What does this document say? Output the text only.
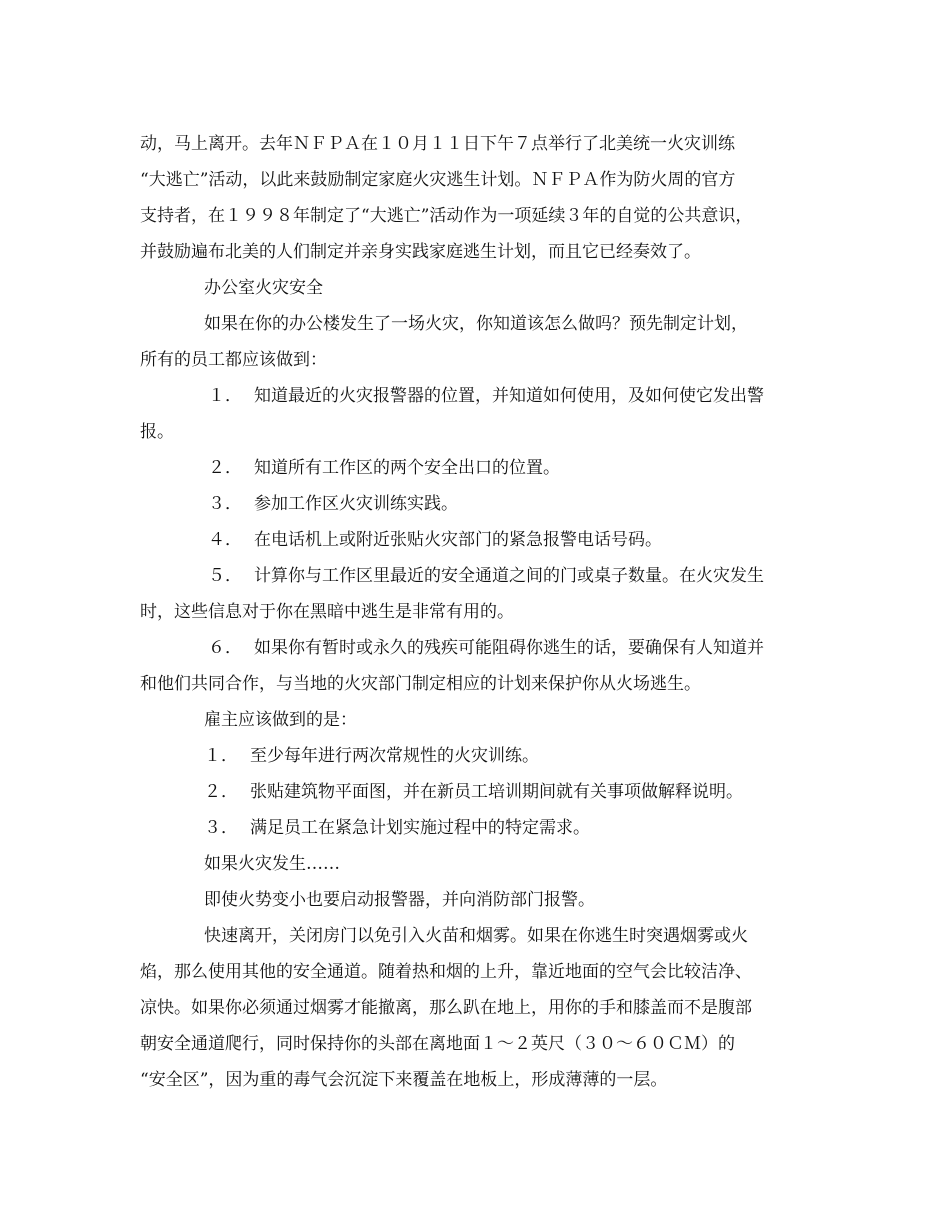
动，马上离开。去年ＮＦＰＡ在１０月１１日下午７点举行了北美统一火灾训练
“大逃亡”活动，以此来鼓励制定家庭火灾逃生计划。ＮＦＰＡ作为防火周的官方
支持者，在１９９８年制定了“大逃亡”活动作为一项延续３年的自觉的公共意识，
并鼓励遍布北美的人们制定并亲身实践家庭逃生计划，而且它已经奏效了。
办公室火灾安全
如果在你的办公楼发生了一场火灾，你知道该怎么做吗？预先制定计划，
所有的员工都应该做到：
１． 知道最近的火灾报警器的位置，并知道如何使用，及如何使它发出警
报。
２． 知道所有工作区的两个安全出口的位置。
３． 参加工作区火灾训练实践。
４． 在电话机上或附近张贴火灾部门的紧急报警电话号码。
５． 计算你与工作区里最近的安全通道之间的门或桌子数量。在火灾发生
时，这些信息对于你在黑暗中逃生是非常有用的。
６． 如果你有暂时或永久的残疾可能阻碍你逃生的话，要确保有人知道并
和他们共同合作，与当地的火灾部门制定相应的计划来保护你从火场逃生。
雇主应该做到的是：
１． 至少每年进行两次常规性的火灾训练。
２． 张贴建筑物平面图，并在新员工培训期间就有关事项做解释说明。
３． 满足员工在紧急计划实施过程中的特定需求。
如果火灾发生……
即使火势变小也要启动报警器，并向消防部门报警。
快速离开，关闭房门以免引入火苗和烟雾。如果在你逃生时突遇烟雾或火
焰，那么使用其他的安全通道。随着热和烟的上升，靠近地面的空气会比较洁净、
凉快。如果你必须通过烟雾才能撤离，那么趴在地上，用你的手和膝盖而不是腹部
朝安全通道爬行，同时保持你的头部在离地面１～２英尺（３０～６０ＣＭ）的
“安全区”，因为重的毒气会沉淀下来覆盖在地板上，形成薄薄的一层。
